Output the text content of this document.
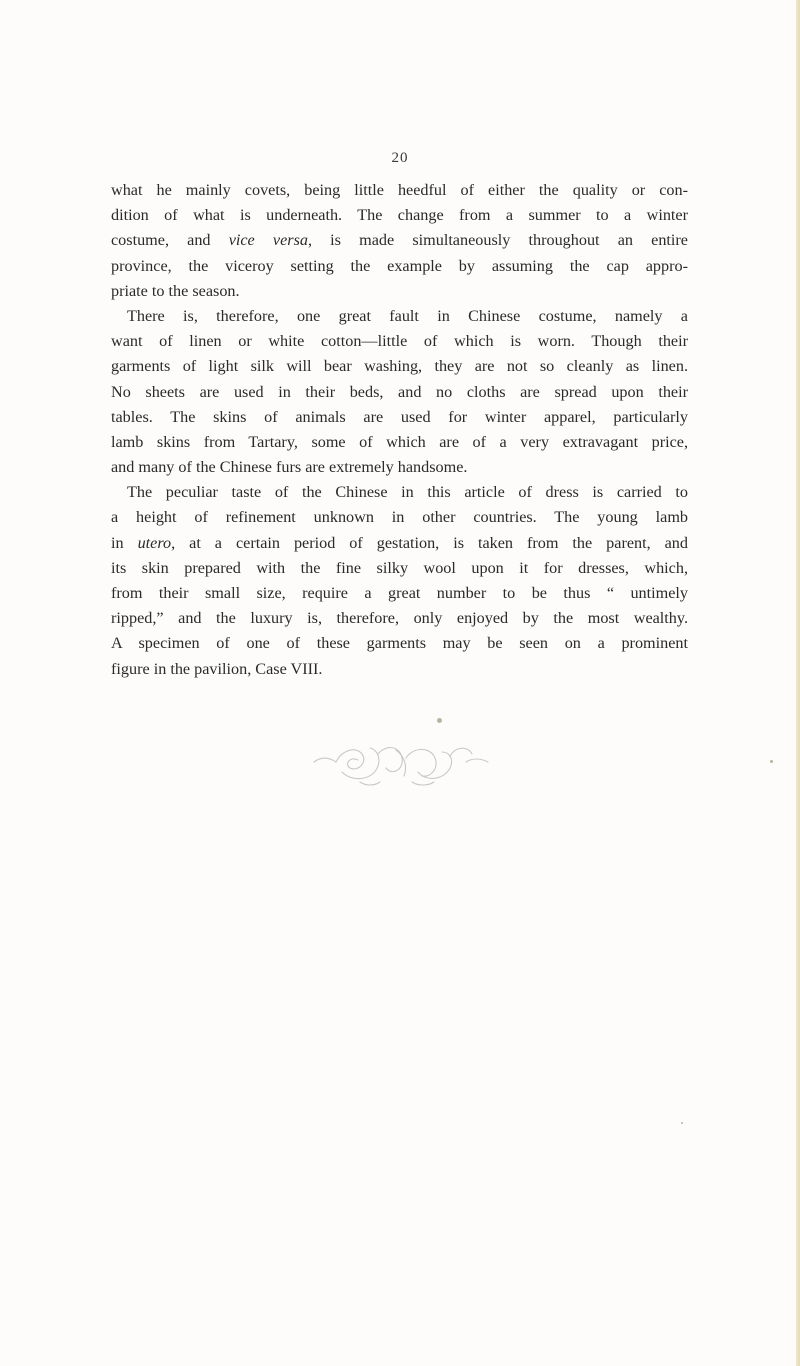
20
what he mainly covets, being little heedful of either the quality or con-
dition of what is underneath. The change from a summer to a winter
costume, and vice versa, is made simultaneously throughout an entire
province, the viceroy setting the example by assuming the cap appro-
priate to the season.
There is, therefore, one great fault in Chinese costume, namely a
want of linen or white cotton—little of which is worn. Though their
garments of light silk will bear washing, they are not so cleanly as linen.
No sheets are used in their beds, and no cloths are spread upon their
tables. The skins of animals are used for winter apparel, particularly
lamb skins from Tartary, some of which are of a very extravagant price,
and many of the Chinese furs are extremely handsome.
The peculiar taste of the Chinese in this article of dress is carried to
a height of refinement unknown in other countries. The young lamb
in utero, at a certain period of gestation, is taken from the parent, and
its skin prepared with the fine silky wool upon it for dresses, which,
from their small size, require a great number to be thus “ untimely
ripped,” and the luxury is, therefore, only enjoyed by the most wealthy.
A specimen of one of these garments may be seen on a prominent
figure in the pavilion, Case VIII.
